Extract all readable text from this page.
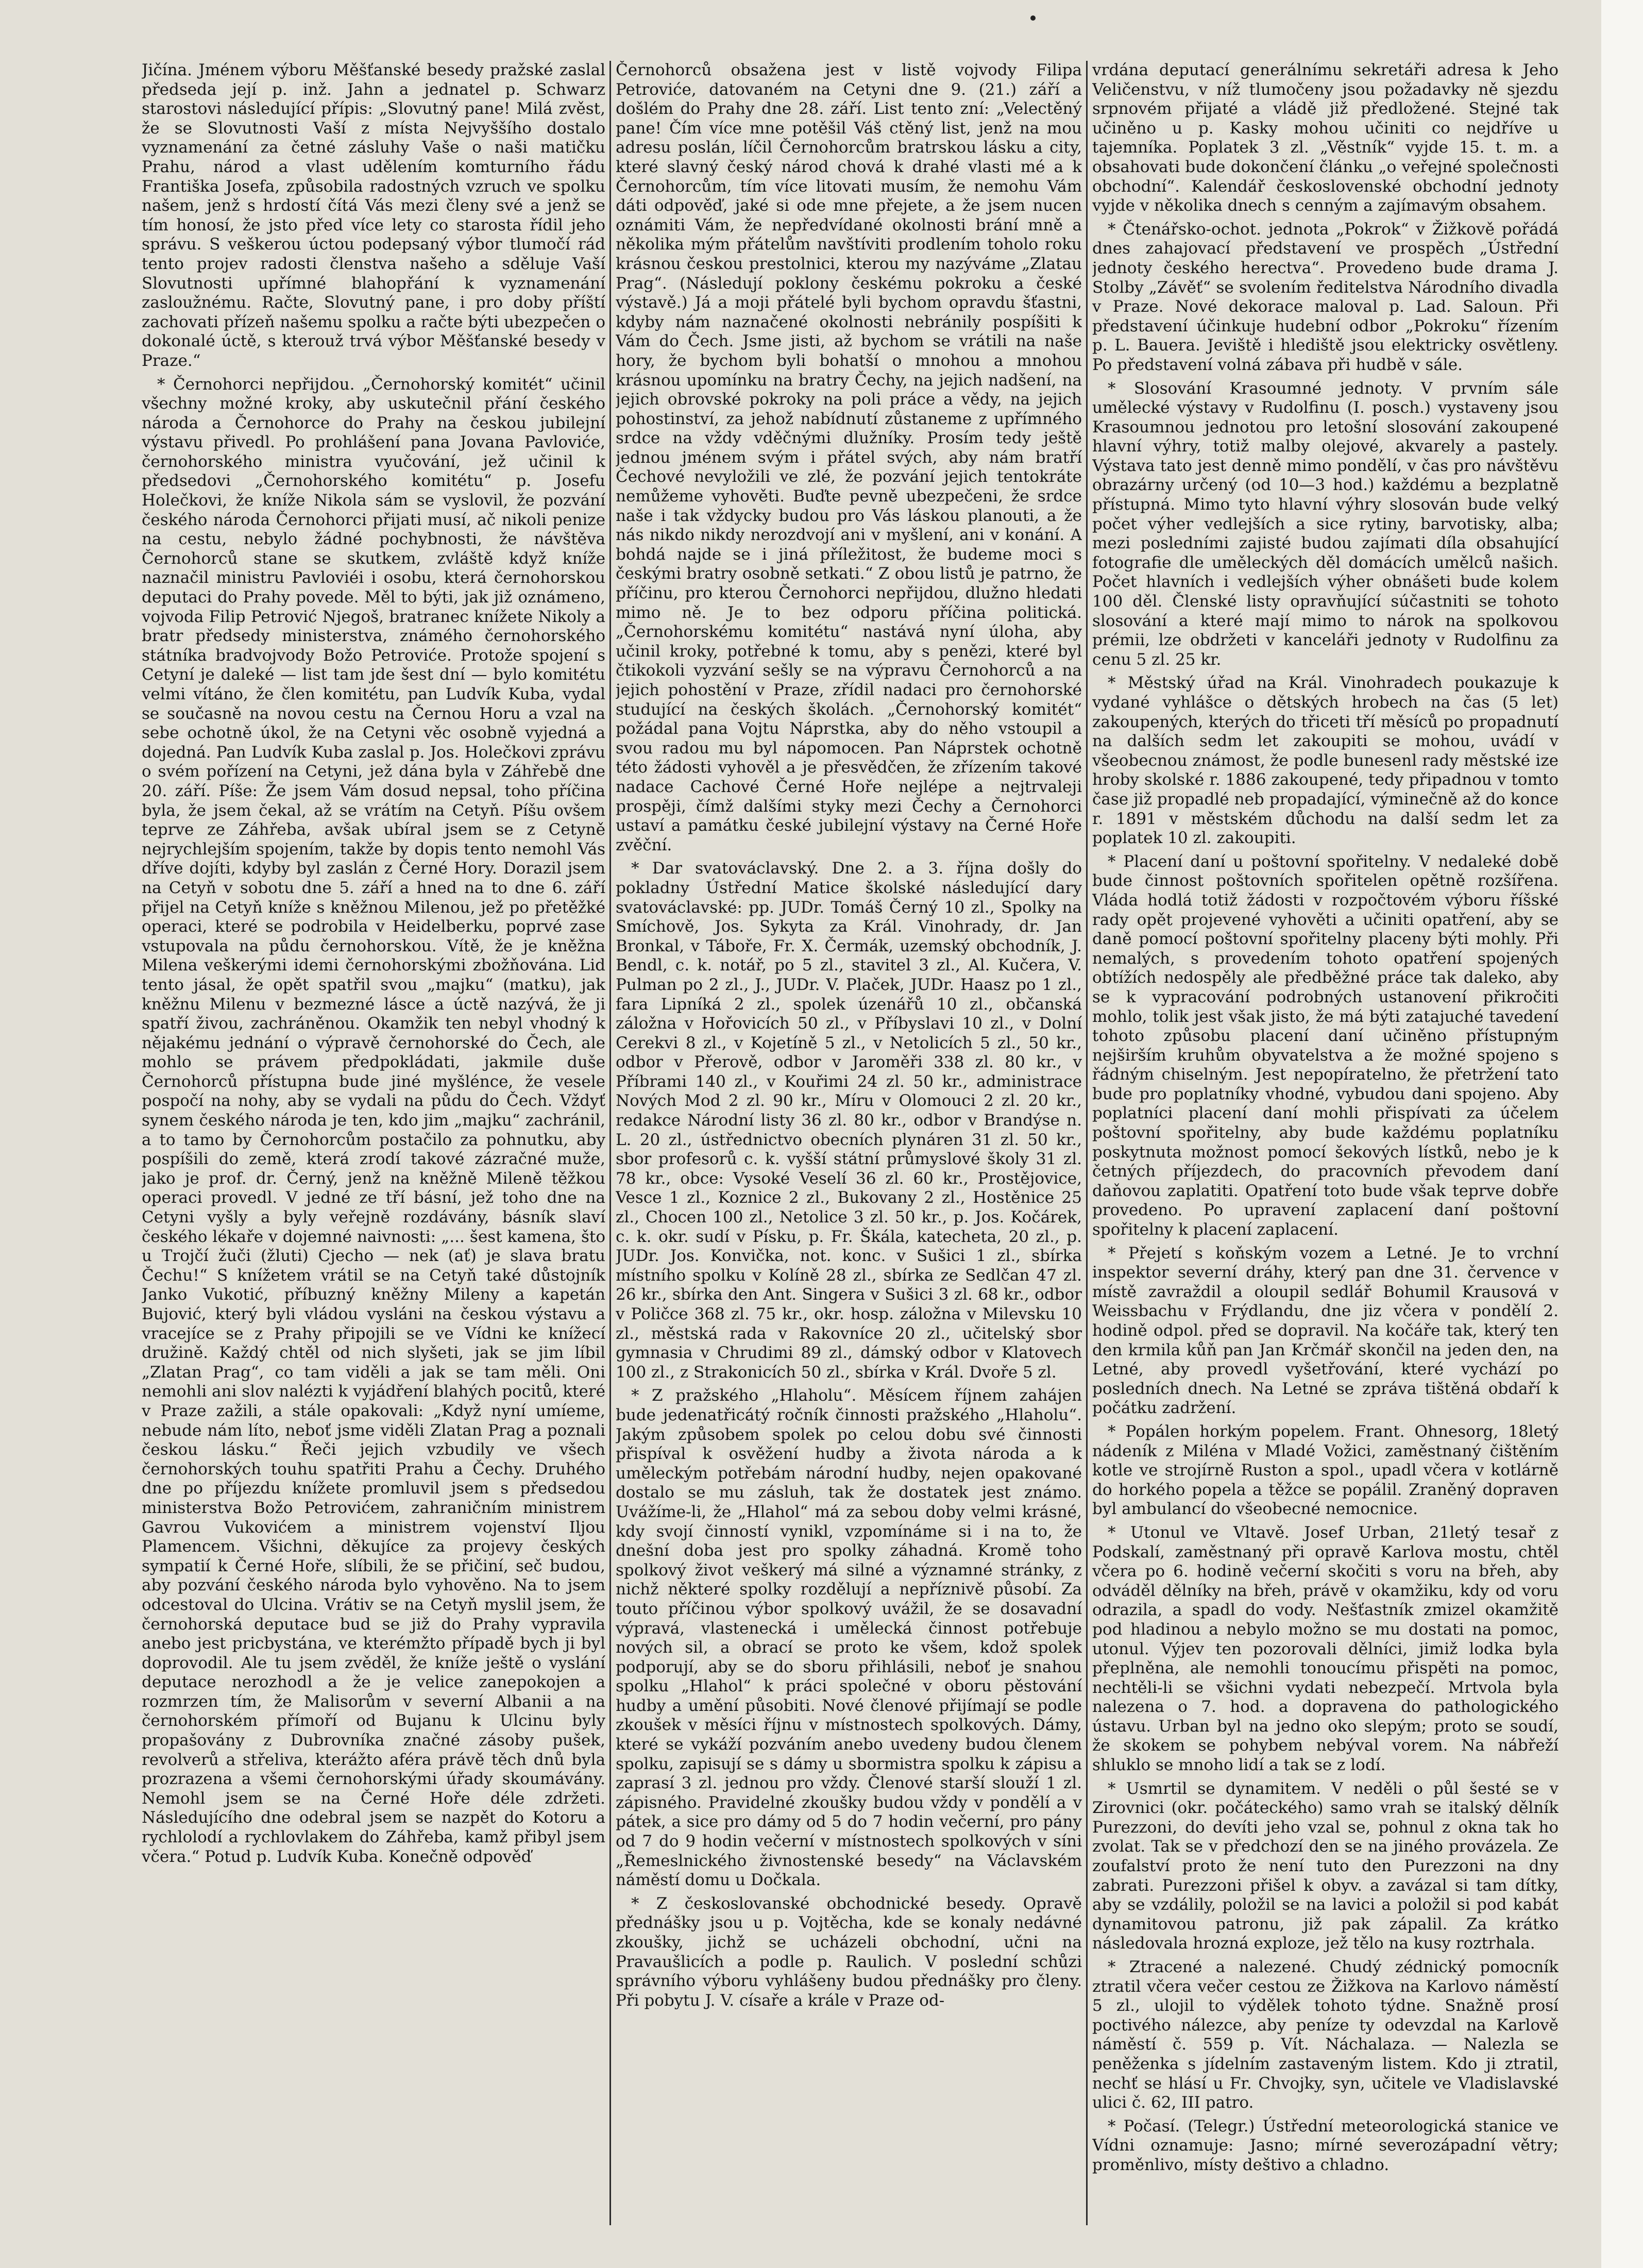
Jičína. Jménem výboru Měšťanské besedy pražské zaslal předseda její p. inž. Jahn a jednatel p. Schwarz starostovi následující přípis: „Slovutný pane! Milá zvěst, že se Slovutnosti Vaší z místa Nejvyššího dostalo vyznamenání za četné zásluhy Vaše o naši matičku Prahu, národ a vlast udělením komturního řádu Františka Josefa, způsobila radostných vzruch ve spolku našem, jenž s hrdostí čítá Vás mezi členy své a jenž se tím honosí, že jsto před více lety co starosta řídil jeho správu. S veškerou úctou podepsaný výbor tlumočí rád tento projev radosti členstva našeho a sděluje Vaší Slovutnosti upřímné blahopřání k vyznamenání zasloužnému. Račte, Slovutný pane, i pro doby příští zachovati přízeň našemu spolku a račte býti ubezpečen o dokonalé úctě, s kterouž trvá výbor Měšťanské besedy v Praze.“

* Černohorci nepřijdou. „Černohorský komitét“ učinil všechny možné kroky, aby uskutečnil přání českého národa a Černohorce do Prahy na českou jubilejní výstavu přivedl. Po prohlášení pana Jovana Pavloviće, černohorského ministra vyučování, jež učinil k předsedovi „Černohorského komitétu“ p. Josefu Holečkovi, že kníže Nikola sám se vyslovil, že pozvání českého národa Černohorci přijati musí, ač nikoli penize na cestu, nebylo žádné pochybnosti, že návštěva Černohorců stane se skutkem, zvláště když kníže naznačil ministru Pavloviéi i osobu, která černohorskou deputaci do Prahy povede. Měl to býti, jak již oznámeno, vojvoda Filip Petrović Njegoš, bratranec knížete Nikoly a bratr předsedy ministerstva, známého černohorského státníka bradvojvody Božo Petroviće. Protože spojení s Cetyní je daleké — list tam jde šest dní — bylo komitétu velmi vítáno, že člen komitétu, pan Ludvík Kuba, vydal se současně na novou cestu na Černou Horu a vzal na sebe ochotně úkol, že na Cetyni věc osobně vyjedná a dojedná. Pan Ludvík Kuba zaslal p. Jos. Holečkovi zprávu o svém pořízení na Cetyni, jež dána byla v Záhřebě dne 20. září. Píše: Že jsem Vám dosud nepsal, toho příčina byla, že jsem čekal, až se vrátím na Cetyň. Píšu ovšem teprve ze Záhřeba, avšak ubíral jsem se z Cetyně nejrychlejším spojením, takže by dopis tento nemohl Vás dříve dojíti, kdyby byl zaslán z Černé Hory. Dorazil jsem na Cetyň v sobotu dne 5. září a hned na to dne 6. září přijel na Cetyň kníže s kněžnou Milenou, jež po přetěžké operaci, které se podrobila v Heidelberku, poprvé zase vstupovala na půdu černohorskou. Vítě, že je kněžna Milena veškerými idemi černohorskými zbožňována. Lid tento jásal, že opět spatřil svou „majku“ (matku), jak kněžnu Milenu v bezmezné lásce a úctě nazývá, že ji spatří živou, zachráněnou. Okamžik ten nebyl vhodný k nějakému jednání o výpravě černohorské do Čech, ale mohlo se právem předpokládati, jakmile duše Černohorců přístupna bude jiné myšlénce, že vesele pospočí na nohy, aby se vydali na půdu do Čech. Vždyť synem českého národa je ten, kdo jim „majku“ zachránil, a to tamo by Černohorcům postačilo za pohnutku, aby pospíšili do země, která zrodí takové zázračné muže, jako je prof. dr. Černý, jenž na kněžně Mileně těžkou operaci provedl. V jedné ze tří básní, jež toho dne na Cetyni vyšly a byly veřejně rozdávány, básník slaví českého lékaře v dojemné naivnosti: „... šest kamena, što u Trojčí žuči (žluti) Cjecho — nek (ať) je slava bratu Čechu!“ S knížetem vrátil se na Cetyň také důstojník Janko Vukotić, příbuzný kněžny Mileny a kapetán Bujović, který byli vládou vysláni na českou výstavu a vracejíce se z Prahy připojili se ve Vídni ke knížecí družině. Každý chtěl od nich slyšeti, jak se jim líbil „Zlatan Prag“, co tam viděli a jak se tam měli. Oni nemohli ani slov nalézti k vyjádření blahých pocitů, které v Praze zažili, a stále opakovali: „Když nyní umíeme, nebude nám líto, neboť jsme viděli Zlatan Prag a poznali českou lásku.“ Řeči jejich vzbudily ve všech černohorských touhu spatřiti Prahu a Čechy. Druhého dne po příjezdu knížete promluvil jsem s předsedou ministerstva Božo Petrovićem, zahraničním ministrem Gavrou Vukovićem a ministrem vojenství Iljou Plamencem. Všichni, děkujíce za projevy českých sympatií k Černé Hoře, slíbili, že se přičiní, seč budou, aby pozvání českého národa bylo vyhověno. Na to jsem odcestoval do Ulcina. Vrátiv se na Cetyň myslil jsem, že černohorská deputace bud se již do Prahy vypravila anebo jest pricbystána, ve kterémžto případě bych ji byl doprovodil. Ale tu jsem zvěděl, že kníže ještě o vyslání deputace nerozhodl a že je velice zanepokojen a rozmrzen tím, že Malisorům v severní Albanii a na černohorském přímoří od Bujanu k Ulcinu byly propašovány z Dubrovníka značné zásoby pušek, revolverů a střeliva, kterážto aféra právě těch dnů byla prozrazena a všemi černohorskými úřady skoumávány. Nemohl jsem se na Černé Hoře déle zdržeti. Následujícího dne odebral jsem se nazpět do Kotoru a rychlolodí a rychlovlakem do Záhřeba, kamž přibyl jsem včera.“ Potud p. Ludvík Kuba. Konečně odpověď

Černohorců obsažena jest v listě vojvody Filipa Petroviće, datovaném na Cetyni dne 9. (21.) září a došlém do Prahy dne 28. září. List tento zní: „Velectěný pane! Čím více mne potěšil Váš ctěný list, jenž na mou adresu poslán, líčil Černohorcům bratrskou lásku a city, které slavný český národ chová k drahé vlasti mé a k Černohorcům, tím více litovati musím, že nemohu Vám dáti odpověď, jaké si ode mne přejete, a že jsem nucen oznámiti Vám, že nepředvídané okolnosti brání mně a několika mým přátelům navštíviti prodlením toholo roku krásnou českou prestolnici, kterou my nazýváme „Zlatau Prag“. (Následují poklony českému pokroku a české výstavě.) Já a moji přátelé byli bychom opravdu šťastni, kdyby nám naznačené okolnosti nebránily pospíšiti k Vám do Čech. Jsme jisti, až bychom se vrátili na naše hory, že bychom byli bohatší o mnohou a mnohou krásnou upomínku na bratry Čechy, na jejich nadšení, na jejich obrovské pokroky na poli práce a vědy, na jejich pohostinství, za jehož nabídnutí zůstaneme z upřímného srdce na vždy vděčnými dlužníky. Prosím tedy ještě jednou jménem svým i přátel svých, aby nám bratří Čechové nevyložili ve zlé, že pozvání jejich tentokráte nemůžeme vyhověti. Buďte pevně ubezpečeni, že srdce naše i tak vždycky budou pro Vás láskou planouti, a že nás nikdo nikdy nerozdvojí ani v myšlení, ani v konání. A bohdá najde se i jiná příležitost, že budeme moci s českými bratry osobně setkati.“ Z obou listů je patrno, že příčinu, pro kterou Černohorci nepřijdou, dlužno hledati mimo ně. Je to bez odporu příčina politická. „Černohorskému komitétu“ nastává nyní úloha, aby učinil kroky, potřebné k tomu, aby s penězi, které byl čtikokoli vyzvání sešly se na výpravu Černohorců a na jejich pohostění v Praze, zřídil nadaci pro černohorské studující na českých školách. „Černohorský komitét“ požádal pana Vojtu Náprstka, aby do něho vstoupil a svou radou mu byl nápomocen. Pan Náprstek ochotně této žádosti vyhověl a je přesvědčen, že zřízením takové nadace Cachové Černé Hoře nejlépe a nejtrvaleji prospěji, čímž dalšími styky mezi Čechy a Černohorci ustaví a památku české jubilejní výstavy na Černé Hoře zvěční.

* Dar svatováclavský. Dne 2. a 3. října došly do pokladny Ústřední Matice školské následující dary svatováclavské: pp. JUDr. Tomáš Černý 10 zl., Spolky na Smíchově, Jos. Sykyta za Král. Vinohrady, dr. Jan Bronkal, v Táboře, Fr. X. Čermák, uzemský obchodník, J. Bendl, c. k. notář, po 5 zl., stavitel 3 zl., Al. Kučera, V. Pulman po 2 zl., J., JUDr. V. Plaček, JUDr. Haasz po 1 zl., fara Lipníká 2 zl., spolek úzenářů 10 zl., občanská záložna v Hořovicích 50 zl., v Příbyslavi 10 zl., v Dolní Cerekvi 8 zl., v Kojetíně 5 zl., v Netolicích 5 zl., 50 kr., odbor v Přerově, odbor v Jaroměři 338 zl. 80 kr., v Příbrami 140 zl., v Kouřimi 24 zl. 50 kr., administrace Nových Mod 2 zl. 90 kr., Míru v Olomouci 2 zl. 20 kr., redakce Národní listy 36 zl. 80 kr., odbor v Brandýse n. L. 20 zl., ústřednictvo obecních plynáren 31 zl. 50 kr., sbor profesorů c. k. vyšší státní průmyslové školy 31 zl. 78 kr., obce: Vysoké Veselí 36 zl. 60 kr., Prostějovice, Vesce 1 zl., Koznice 2 zl., Bukovany 2 zl., Hostěnice 25 zl., Chocen 100 zl., Netolice 3 zl. 50 kr., p. Jos. Kočárek, c. k. okr. sudí v Písku, p. Fr. Škála, katecheta, 20 zl., p. JUDr. Jos. Konvička, not. konc. v Sušici 1 zl., sbírka místního spolku v Kolíně 28 zl., sbírka ze Sedlčan 47 zl. 26 kr., sbírka den Ant. Singera v Sušici 3 zl. 68 kr., odbor v Poličce 368 zl. 75 kr., okr. hosp. záložna v Milevsku 10 zl., městská rada v Rakovníce 20 zl., učitelský sbor gymnasia v Chrudimi 89 zl., dámský odbor v Klatovech 100 zl., z Strakonicích 50 zl., sbírka v Král. Dvoře 5 zl.

* Z pražského „Hlaholu“. Měsícem říjnem zahájen bude jedenatřicátý ročník činnosti pražského „Hlaholu“. Jakým způsobem spolek po celou dobu své činnosti přispíval k osvěžení hudby a života národa a k uměleckým potřebám národní hudby, nejen opakované dostalo se mu zásluh, tak že dostatek jest známo. Uvážíme-li, že „Hlahol“ má za sebou doby velmi krásné, kdy svojí činností vynikl, vzpomínáme si i na to, že dnešní doba jest pro spolky záhadná. Kromě toho spolkový život veškerý má silné a významné stránky, z nichž některé spolky rozdělují a nepříznivě působí. Za touto příčinou výbor spolkový uvážil, že se dosavadní výpravá, vlastenecká i umělecká činnost potřebuje nových sil, a obrací se proto ke všem, kdož spolek podporují, aby se do sboru přihlásili, neboť je snahou spolku „Hlahol“ k práci společné v oboru pěstování hudby a umění působiti. Nové členové přijímají se podle zkoušek v měsíci říjnu v místnostech spolkových. Dámy, které se vykáží pozváním anebo uvedeny budou členem spolku, zapisují se s dámy u sbormistra spolku k zápisu a zaprasí 3 zl. jednou pro vždy. Členové starší slouží 1 zl. zápisného. Pravidelné zkoušky budou vždy v pondělí a v pátek, a sice pro dámy od 5 do 7 hodin večerní, pro pány od 7 do 9 hodin večerní v místnostech spolkových v síni „Řemeslnického živnostenské besedy“ na Václavském náměstí domu u Dočkala.

* Z českoslovanské obchodnické besedy. Opravě přednášky jsou u p. Vojtěcha, kde se konaly nedávné zkoušky, jichž se ucházeli obchodní, učni na Pravaušlicích a podle p. Raulich. V poslední schůzi správního výboru vyhlášeny budou přednášky pro členy. Při pobytu J. V. císaře a krále v Praze od-

vrdána deputací generálnímu sekretáři adresa k Jeho Veličenstvu, v níž tlumočeny jsou požadavky ně sjezdu srpnovém přijaté a vládě již předložené. Stejné tak učiněno u p. Kasky mohou učiniti co nejdříve u tajemníka. Poplatek 3 zl. „Věstník“ vyjde 15. t. m. a obsahovati bude dokončení článku „o veřejné společnosti obchodní“. Kalendář československé obchodní jednoty vyjde v několika dnech s cenným a zajímavým obsahem.

* Čtenářsko-ochot. jednota „Pokrok“ v Žižkově pořádá dnes zahajovací představení ve prospěch „Ústřední jednoty českého herectva“. Provedeno bude drama J. Stolby „Závěť“ se svolením ředitelstva Národního divadla v Praze. Nové dekorace maloval p. Lad. Saloun. Při představení účinkuje hudební odbor „Pokroku“ řízením p. L. Bauera. Jeviště i hlediště jsou elektricky osvětleny. Po představení volná zábava při hudbě v sále.

* Slosování Krasoumné jednoty. V prvním sále umělecké výstavy v Rudolfinu (I. posch.) vystaveny jsou Krasoumnou jednotou pro letošní slosování zakoupené hlavní výhry, totiž malby olejové, akvarely a pastely. Výstava tato jest denně mimo pondělí, v čas pro návštěvu obrazárny určený (od 10—3 hod.) každému a bezplatně přístupná. Mimo tyto hlavní výhry slosován bude velký počet výher vedlejších a sice rytiny, barvotisky, alba; mezi posledními zajisté budou zajímati díla obsahující fotografie dle uměleckých děl domácích umělců našich. Počet hlavních i vedlejších výher obnášeti bude kolem 100 děl. Členské listy opravňující súčastniti se tohoto slosování a které mají mimo to nárok na spolkovou prémii, lze obdržeti v kanceláři jednoty v Rudolfinu za cenu 5 zl. 25 kr.

* Městský úřad na Král. Vinohradech poukazuje k vydané vyhlášce o dětských hrobech na čas (5 let) zakoupených, kterých do třiceti tří měsíců po propadnutí na dalších sedm let zakoupiti se mohou, uvádí v všeobecnou známost, že podle bunesenl rady městské ize hroby skolské r. 1886 zakoupené, tedy připadnou v tomto čase již propadlé neb propadající, výminečně až do konce r. 1891 v městském důchodu na další sedm let za poplatek 10 zl. zakoupiti.

* Placení daní u poštovní spořitelny. V nedaleké době bude činnost poštovních spořitelen opětně rozšířena. Vláda hodlá totiž žádosti v rozpočtovém výboru říšské rady opět projevené vyhověti a učiniti opatření, aby se daně pomocí poštovní spořitelny placeny býti mohly. Při nemalých, s provedením tohoto opatření spojených obtížích nedospěly ale předběžné práce tak daleko, aby se k vypracování podrobných ustanovení přikročiti mohlo, tolik jest však jisto, že má býti zatajuché tavedení tohoto způsobu placení daní učiněno přístupným nejširším kruhům obyvatelstva a že možné spojeno s řádným chiselným. Jest nepopíratelno, že přetržení tato bude pro poplatníky vhodné, vybudou dani spojeno. Aby poplatníci placení daní mohli přispívati za účelem poštovní spořitelny, aby bude každému poplatníku poskytnuta možnost pomocí šekových lístků, nebo je k četných příjezdech, do pracovních převodem daní daňovou zaplatiti. Opatření toto bude však teprve dobře provedeno. Po upravení zaplacení daní poštovní spořitelny k placení zaplacení.

* Přejetí s koňským vozem a Letné. Je to vrchní inspektor severní dráhy, který pan dne 31. července v místě zavraždil a oloupil sedlář Bohumil Krausová v Weissbachu v Frýdlandu, dne jiz včera v pondělí 2. hodině odpol. před se dopravil. Na kočáře tak, který ten den krmila kůň pan Jan Krčmář skončil na jeden den, na Letné, aby provedl vyšetřování, které vychází po posledních dnech. Na Letné se zpráva tištěná obdaří k počátku zadržení.

* Popálen horkým popelem. Frant. Ohnesorg, 18letý nádeník z Miléna v Mladé Vožici, zaměstnaný čištěním kotle ve strojírně Ruston a spol., upadl včera v kotlárně do horkého popela a těžce se popálil. Zraněný dopraven byl ambulancí do všeobecné nemocnice.

* Utonul ve Vltavě. Josef Urban, 21letý tesař z Podskalí, zaměstnaný při opravě Karlova mostu, chtěl včera po 6. hodině večerní skočiti s voru na břeh, aby odváděl dělníky na břeh, právě v okamžiku, kdy od voru odrazila, a spadl do vody. Nešťastník zmizel okamžitě pod hladinou a nebylo možno se mu dostati na pomoc, utonul. Výjev ten pozorovali dělníci, jimiž lodka byla přeplněna, ale nemohli tonoucímu přispěti na pomoc, nechtěli-li se všichni vydati nebezpečí. Mrtvola byla nalezena o 7. hod. a dopravena do pathologického ústavu. Urban byl na jedno oko slepým; proto se soudí, že skokem se pohybem nebýval vorem. Na nábřeží shluklo se mnoho lidí a tak se z lodí.

* Usmrtil se dynamitem. V neděli o půl šesté se v Zirovnici (okr. počáteckého) samo vrah se italský dělník Purezzoni, do devíti jeho vzal se, pohnul z okna tak ho zvolat. Tak se v předchozí den se na jiného provázela. Ze zoufalství proto že není tuto den Purezzoni na dny zabrati. Purezzoni přišel k obyv. a zavázal si tam dítky, aby se vzdálily, položil se na lavici a položil si pod kabát dynamitovou patronu, již pak zápalil. Za krátko následovala hrozná exploze, jež tělo na kusy roztrhala.

* Ztracené a nalezené. Chudý zédnický pomocník ztratil včera večer cestou ze Žižkova na Karlovo náměstí 5 zl., ulojil to výdělek tohoto týdne. Snažně prosí poctivého nálezce, aby peníze ty odevzdal na Karlově náměstí č. 559 p. Vít. Náchalaza. — Nalezla se peněženka s jídelním zastaveným listem. Kdo ji ztratil, nechť se hlásí u Fr. Chvojky, syn, učitele ve Vladislavské ulici č. 62, III patro.

* Počasí. (Telegr.) Ústřední meteorologická stanice ve Vídni oznamuje: Jasno; mírné severozápadní větry; proměnlivo, místy deštivo a chladno.
